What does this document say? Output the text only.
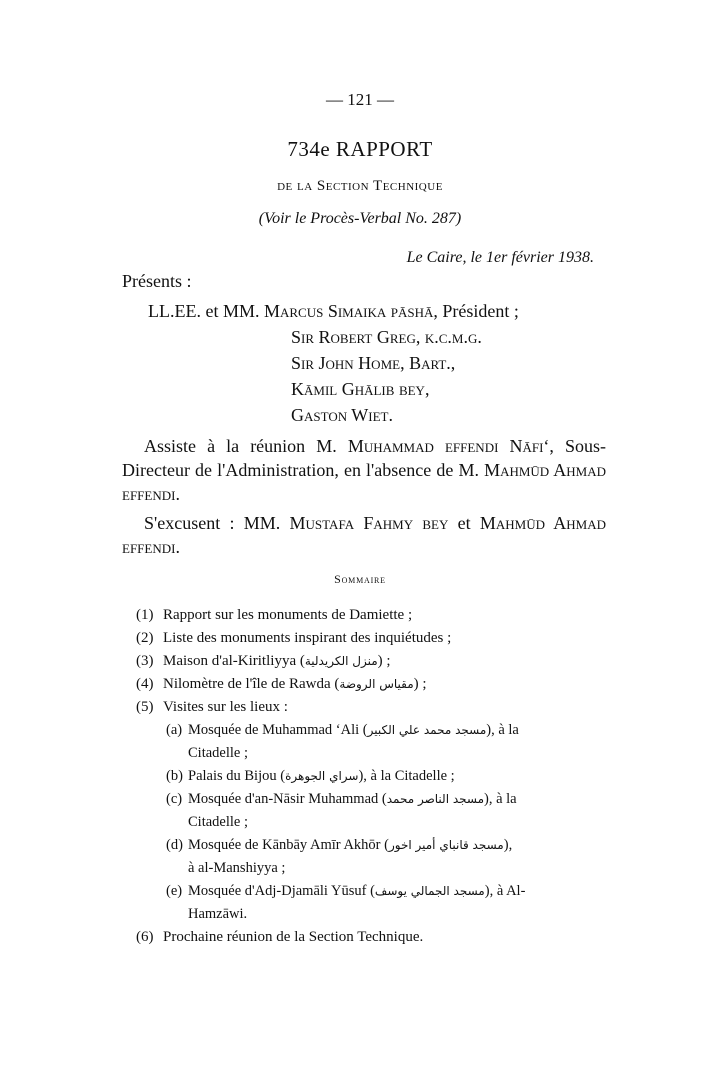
— 121 —
734e RAPPORT
de la Section Technique
(Voir le Procès-Verbal No. 287)
Le Caire, le 1er février 1938.
Présents :
LL.EE. et MM. Marcus Simaika pāshā, Président ;
Sir Robert Greg, k.c.m.g.
Sir John Home, Bart.,
Kāmil Ghālib bey,
Gaston Wiet.
Assiste à la réunion M. Muhammad effendi Nāfi‘, Sous-Directeur de l'Administration, en l'absence de M. Mahmūd Ahmad effendi.
S'excusent : MM. Mustafa Fahmy bey et Mahmūd Ahmad effendi.
Sommaire
(1) Rapport sur les monuments de Damiette ;
(2) Liste des monuments inspirant des inquiétudes ;
(3) Maison d'al-Kiritliyya (منزل الكريدلية) ;
(4) Nilomètre de l'île de Rawda (مقياس الروضة) ;
(5) Visites sur les lieux :
(a) Mosquée de Muhammad ‘Ali (مسجد محمد علي الكبير), à la
Citadelle ;
(b) Palais du Bijou (سراي الجوهرة), à la Citadelle ;
(c) Mosquée d'an-Nāsir Muhammad (مسجد الناصر محمد), à la
Citadelle ;
(d) Mosquée de Kānbāy Amīr Akhōr (مسجد قانباي أمير اخور),
à al-Manshiyya ;
(e) Mosquée d'Adj-Djamāli Yūsuf (مسجد الجمالي يوسف), à Al-
Hamzāwi.
(6) Prochaine réunion de la Section Technique.
